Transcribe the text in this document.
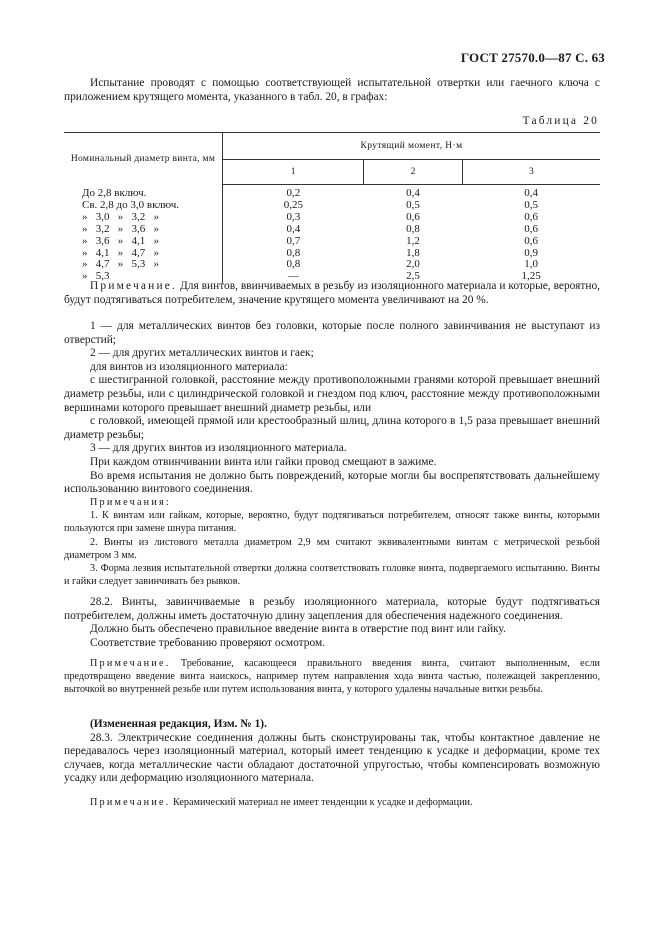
ГОСТ 27570.0—87 С. 63

Испытание проводят с помощью соответствующей испытательной отвертки или гаечного ключа с приложением крутящего момента, указанного в табл. 20, в графах:

Таблица 20
Номинальный диаметр винта, мм	Крутящий момент, Н·м		
	1	2	3
До 2,8 включ.	0,2	0,4	0,4
Св. 2,8 до 3,0 включ.	0,25	0,5	0,5
»   3,0   »   3,2   »	0,3	0,6	0,6
»   3,2   »   3,6   »	0,4	0,8	0,6
»   3,6   »   4,1   »	0,7	1,2	0,6
»   4,1   »   4,7   »	0,8	1,8	0,9
»   4,7   »   5,3   »	0,8	2,0	1,0
»   5,3	—	2,5	1,25

Примечание. Для винтов, ввинчиваемых в резьбу из изоляционного материала и которые, вероятно, будут подтягиваться потребителем, значение крутящего момента увеличивают на 20 %.

1 — для металлических винтов без головки, которые после полного завинчивания не выступают из отверстий;

2 — для других металлических винтов и гаек;

для винтов из изоляционного материала:

с шестигранной головкой, расстояние между противоположными гранями которой превышает внешний диаметр резьбы, или с цилиндрической головкой и гнездом под ключ, расстояние между противоположными вершинами которого превышает внешний диаметр резьбы, или

с головкой, имеющей прямой или крестообразный шлиц, длина которого в 1,5 раза превышает внешний диаметр резьбы;

3 — для других винтов из изоляционного материала.

При каждом отвинчивании винта или гайки провод смещают в зажиме.

Во время испытания не должно быть повреждений, которые могли бы воспрепятствовать дальнейшему использованию винтового соединения.

Примечания:

1. К винтам или гайкам, которые, вероятно, будут подтягиваться потребителем, относят также винты, которыми пользуются при замене шнура питания.

2. Винты из листового металла диаметром 2,9 мм считают эквивалентными винтам с метрической резьбой диаметром 3 мм.

3. Форма лезвия испытательной отвертки должна соответствовать головке винта, подвергаемого испытанию. Винты и гайки следует завинчивать без рывков.

28.2. Винты, завинчиваемые в резьбу изоляционного материала, которые будут подтягиваться потребителем, должны иметь достаточную длину зацепления для обеспечения надежного соединения.

Должно быть обеспечено правильное введение винта в отверстие под винт или гайку.

Соответствие требованию проверяют осмотром.

Примечание. Требование, касающееся правильного введения винта, считают выполненным, если предотвращено введение винта наискось, например путем направления хода винта частью, полежащей закреплению, выточкой во внутренней резьбе или путем использования винта, у которого удалены начальные витки резьбы.

(Измененная редакция, Изм. № 1).

28.3. Электрические соединения должны быть сконструированы так, чтобы контактное давление не передавалось через изоляционный материал, который имеет тенденцию к усадке и деформации, кроме тех случаев, когда металлические части обладают достаточной упругостью, чтобы компенсировать возможную усадку или деформацию изоляционного материала.

Примечание. Керамический материал не имеет тенденции к усадке и деформации.
